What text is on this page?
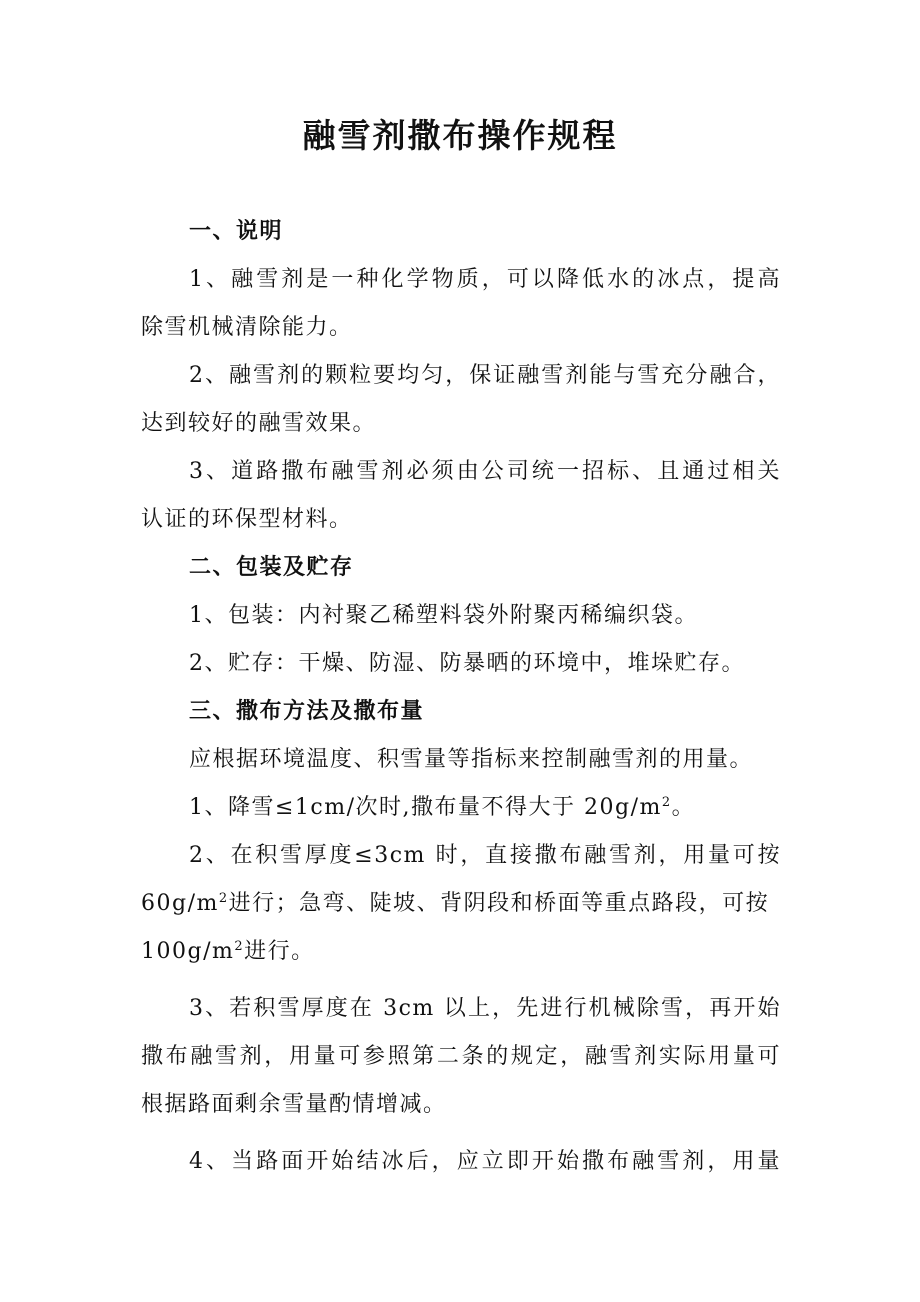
融雪剂撒布操作规程
一、说明
1、融雪剂是一种化学物质，可以降低水的冰点，提高
除雪机械清除能力。
2、融雪剂的颗粒要均匀，保证融雪剂能与雪充分融合，
达到较好的融雪效果。
3、道路撒布融雪剂必须由公司统一招标、且通过相关
认证的环保型材料。
二、包装及贮存
1、包装：内衬聚乙稀塑料袋外附聚丙稀编织袋。
2、贮存：干燥、防湿、防暴晒的环境中，堆垛贮存。
三、撒布方法及撒布量
应根据环境温度、积雪量等指标来控制融雪剂的用量。
1、降雪≤1cm/次时,撒布量不得大于 $20g/m^2$。
2、在积雪厚度≤3cm 时，直接撒布融雪剂，用量可按
$60g/m^2$进行；急弯、陡坡、背阴段和桥面等重点路段，可按
$100g/m^2$进行。
3、若积雪厚度在 3cm 以上，先进行机械除雪，再开始
撒布融雪剂，用量可参照第二条的规定，融雪剂实际用量可
根据路面剩余雪量酌情增减。
4、当路面开始结冰后，应立即开始撒布融雪剂，用量
